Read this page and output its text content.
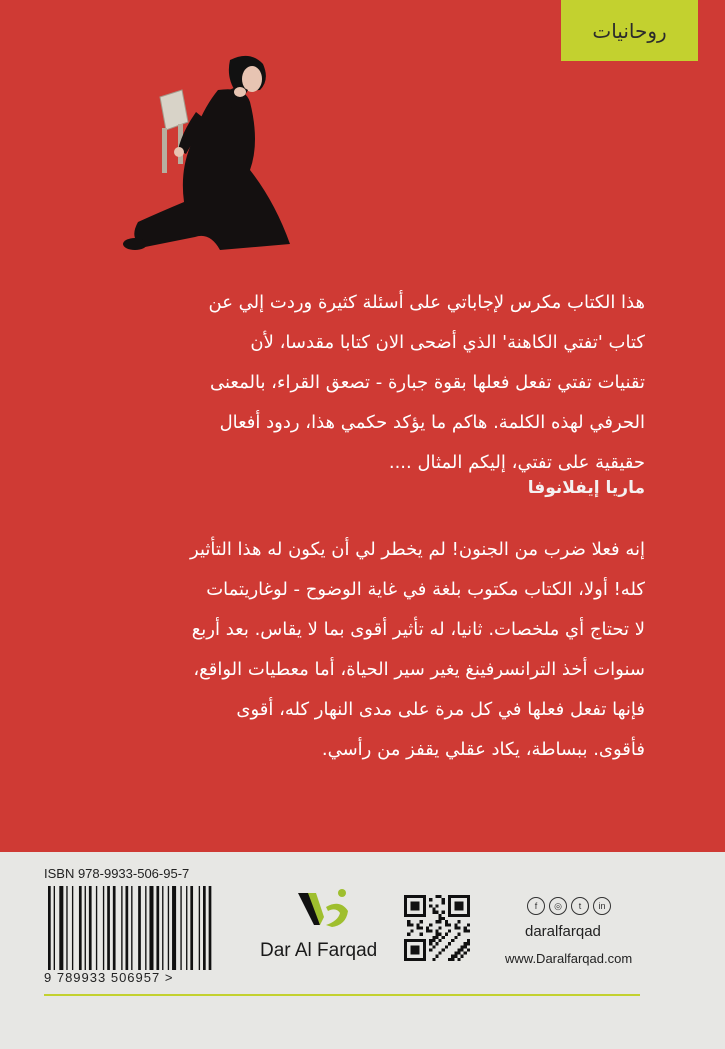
روحانيات

هذا الكتاب مكرس لإجاباتي على أسئلة كثيرة وردت إلي عن

كتاب 'تفتي الكاهنة' الذي أضحى الان كتابا مقدسا، لأن

تقنيات تفتي تفعل فعلها بقوة جبارة - تصعق القراء، بالمعنى

الحرفي لهذه الكلمة. هاكم ما يؤكد حكمي هذا، ردود أفعال

حقيقية على تفتي، إليكم المثال ....

ماريا إيفلانوفا

إنه فعلا ضرب من الجنون! لم يخطر لي أن يكون له هذا التأثير

كله! أولا، الكتاب مكتوب بلغة في غاية الوضوح - لوغاريتمات

لا تحتاج أي ملخصات. ثانيا، له تأثير أقوى بما لا يقاس. بعد أربع

سنوات أخذ الترانسرفينغ يغير سير الحياة، أما معطيات الواقع،

فإنها تفعل فعلها في كل مرة على مدى النهار كله، أقوى

فأقوى. ببساطة، يكاد عقلي يقفز من رأسي.

ISBN 978-9933-506-95-7
9 789933 506957 >
Dar Al Farqad
f	◎	t	in
daralfarqad
www.Daralfarqad.com
